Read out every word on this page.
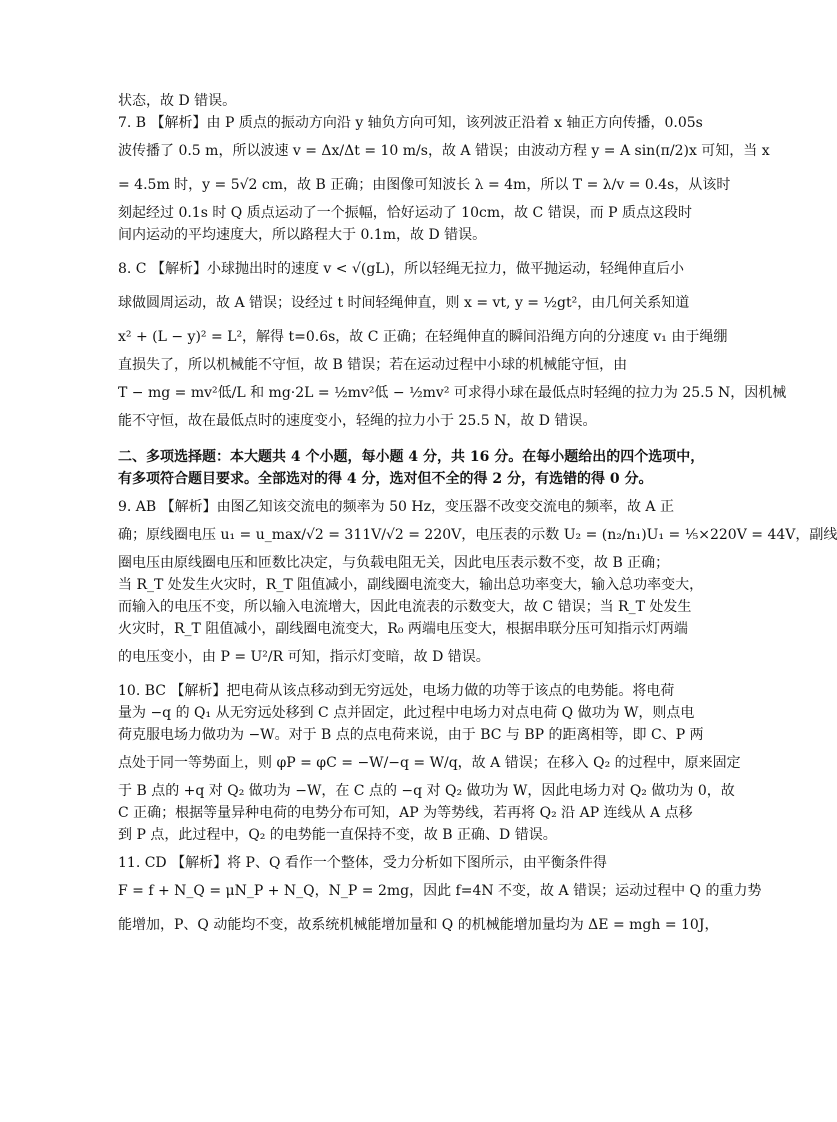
状态，故 D 错误。
7. B 【解析】由 P 质点的振动方向沿 y 轴负方向可知，该列波正沿着 x 轴正方向传播，0.05s
波传播了 0.5 m，所以波速 v = Δx/Δt = 10 m/s，故 A 错误；由波动方程 y = A sin(π/2)x 可知，当 x
= 4.5m 时，y = 5√2 cm，故 B 正确；由图像可知波长 λ = 4m，所以 T = λ/v = 0.4s，从该时
刻起经过 0.1s 时 Q 质点运动了一个振幅，恰好运动了 10cm，故 C 错误，而 P 质点这段时
间内运动的平均速度大，所以路程大于 0.1m，故 D 错误。
8. C 【解析】小球抛出时的速度 v < √(gL)，所以轻绳无拉力，做平抛运动，轻绳伸直后小
球做圆周运动，故 A 错误；设经过 t 时间轻绳伸直，则 x = vt, y = ½gt²，由几何关系知道
x² + (L − y)² = L²，解得 t=0.6s，故 C 正确；在轻绳伸直的瞬间沿绳方向的分速度 v₁ 由于绳绷
直损失了，所以机械能不守恒，故 B 错误；若在运动过程中小球的机械能守恒，由
T − mg = mv²低/L 和 mg·2L = ½mv²低 − ½mv² 可求得小球在最低点时轻绳的拉力为 25.5 N，因机械
能不守恒，故在最低点时的速度变小，轻绳的拉力小于 25.5 N，故 D 错误。
二、多项选择题：本大题共 4 个小题，每小题 4 分，共 16 分。在每小题给出的四个选项中，
有多项符合题目要求。全部选对的得 4 分，选对但不全的得 2 分，有选错的得 0 分。
9. AB 【解析】由图乙知该交流电的频率为 50 Hz，变压器不改变交流电的频率，故 A 正
确；原线圈电压 u₁ = u_max/√2 = 311V/√2 = 220V，电压表的示数 U₂ = (n₂/n₁)U₁ = ⅕×220V = 44V，副线
圈电压由原线圈电压和匝数比决定，与负载电阻无关，因此电压表示数不变，故 B 正确；
当 R_T 处发生火灾时，R_T 阻值减小，副线圈电流变大，输出总功率变大，输入总功率变大，
而输入的电压不变，所以输入电流增大，因此电流表的示数变大，故 C 错误；当 R_T 处发生
火灾时，R_T 阻值减小，副线圈电流变大，R₀ 两端电压变大，根据串联分压可知指示灯两端
的电压变小，由 P = U²/R 可知，指示灯变暗，故 D 错误。
10. BC 【解析】把电荷从该点移动到无穷远处，电场力做的功等于该点的电势能。将电荷
量为 −q 的 Q₁ 从无穷远处移到 C 点并固定，此过程中电场力对点电荷 Q 做功为 W，则点电
荷克服电场力做功为 −W。对于 B 点的点电荷来说，由于 BC 与 BP 的距离相等，即 C、P 两
点处于同一等势面上，则 φP = φC = −W/−q = W/q，故 A 错误；在移入 Q₂ 的过程中，原来固定
于 B 点的 +q 对 Q₂ 做功为 −W，在 C 点的 −q 对 Q₂ 做功为 W，因此电场力对 Q₂ 做功为 0，故
C 正确；根据等量异种电荷的电势分布可知，AP 为等势线，若再将 Q₂ 沿 AP 连线从 A 点移
到 P 点，此过程中，Q₂ 的电势能一直保持不变，故 B 正确、D 错误。
11. CD 【解析】将 P、Q 看作一个整体，受力分析如下图所示，由平衡条件得
F = f + N_Q = μN_P + N_Q，N_P = 2mg，因此 f=4N 不变，故 A 错误；运动过程中 Q 的重力势
能增加，P、Q 动能均不变，故系统机械能增加量和 Q 的机械能增加量均为 ΔE = mgh = 10J，
